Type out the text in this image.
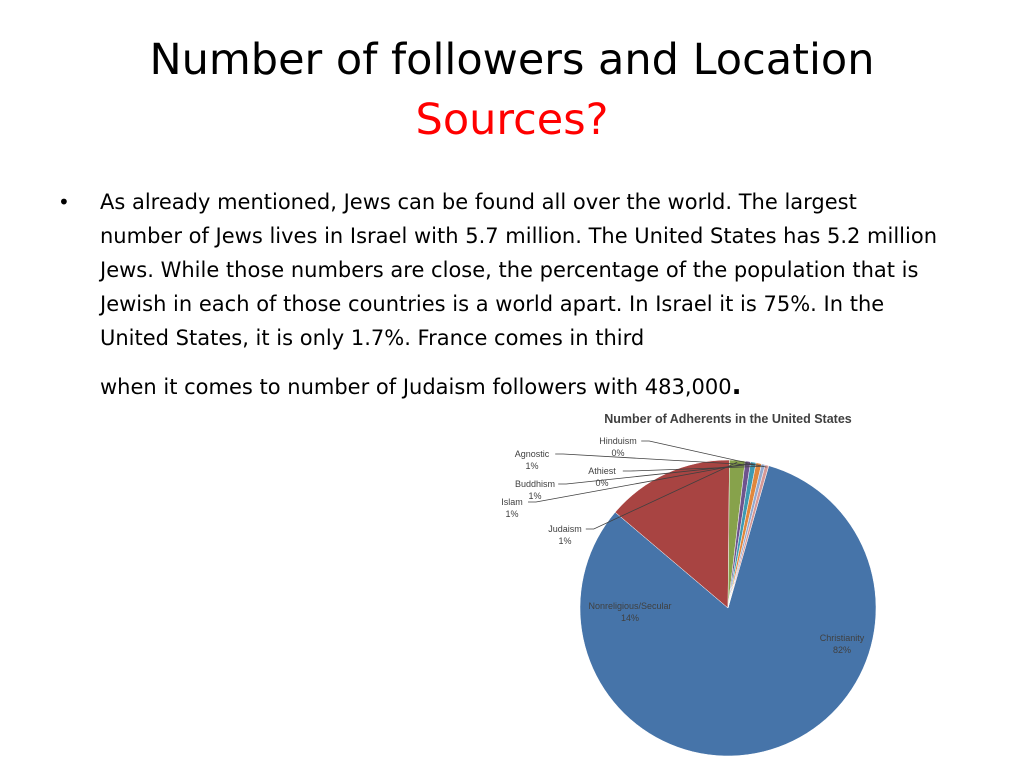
Number of followers and Location
Sources?
• As already mentioned, Jews can be found all over the world. The largest number of Jews lives in Israel with 5.7 million. The United States has 5.2 million Jews. While those numbers are close, the percentage of the population that is Jewish in each of those countries is a world apart. In Israel it is 75%. In the United States, it is only 1.7%. France comes in third when it comes to number of Judaism followers with 483,000.
Number of Adherents in the United States
Christianity
82%
Nonreligious/Secular
14%
Judaism
1%
Islam
1%
Buddhism
1%
Agnostic
1%	Athiest
0%
Hinduism
0%
